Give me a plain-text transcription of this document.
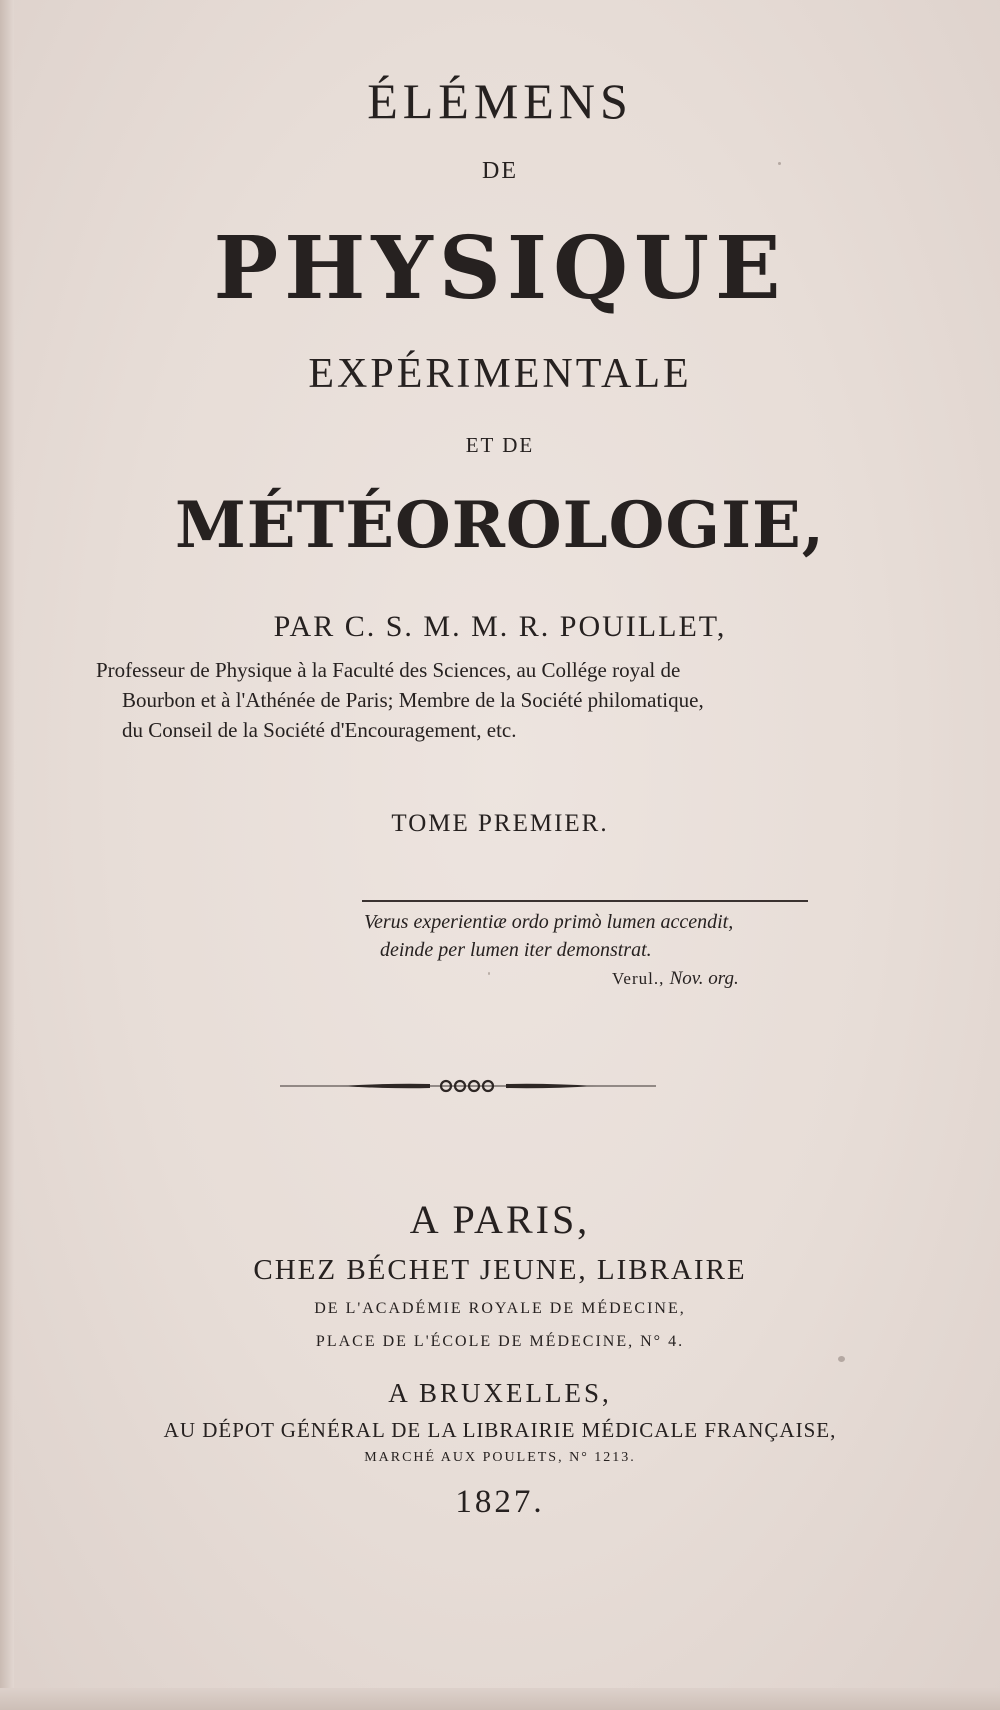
ÉLÉMENS
DE
PHYSIQUE
EXPÉRIMENTALE
ET DE
MÉTÉOROLOGIE,
PAR C. S. M. M. R. POUILLET,
Professeur de Physique à la Faculté des Sciences, au Collége royal de
Bourbon et à l'Athénée de Paris; Membre de la Société philomatique,
du Conseil de la Société d'Encouragement, etc.
TOME PREMIER.
Verus experientiæ ordo primò lumen accendit,
deinde per lumen iter demonstrat.
Verul., Nov. org.
A PARIS,
CHEZ BÉCHET JEUNE, LIBRAIRE
DE L'ACADÉMIE ROYALE DE MÉDECINE,
PLACE DE L'ÉCOLE DE MÉDECINE, N° 4.
A BRUXELLES,
AU DÉPOT GÉNÉRAL DE LA LIBRAIRIE MÉDICALE FRANÇAISE,
MARCHÉ AUX POULETS, N° 1213.
1827.
